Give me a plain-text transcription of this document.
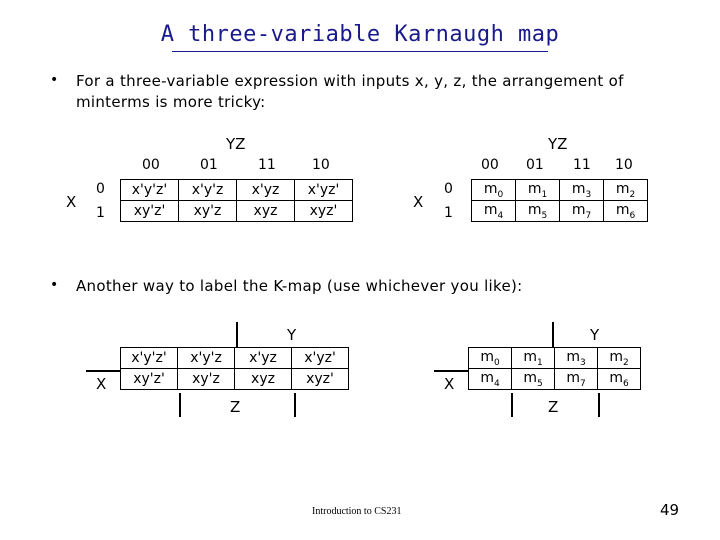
A three-variable Karnaugh map
• For a three-variable expression with inputs x, y, z, the arrangement of
minterms is more tricky:
YZ
00	01	11	10
X
0
1
x'y'z'	x'y'z	x'yz	x'yz'
xy'z'	xy'z	xyz	xyz'
YZ
00 01 11 10
X
0
1
$m_0$	$m_1$	$m_3$	$m_2$
$m_4$	$m_5$	$m_7$	$m_6$
• Another way to label the K-map (use whichever you like):
Y
X
x'y'z'	x'y'z	x'yz	x'yz'
xy'z'	xy'z	xyz	xyz'
Z
Y
X
$m_0$	$m_1$	$m_3$	$m_2$
$m_4$	$m_5$	$m_7$	$m_6$
Z
Introduction to CS231	49
